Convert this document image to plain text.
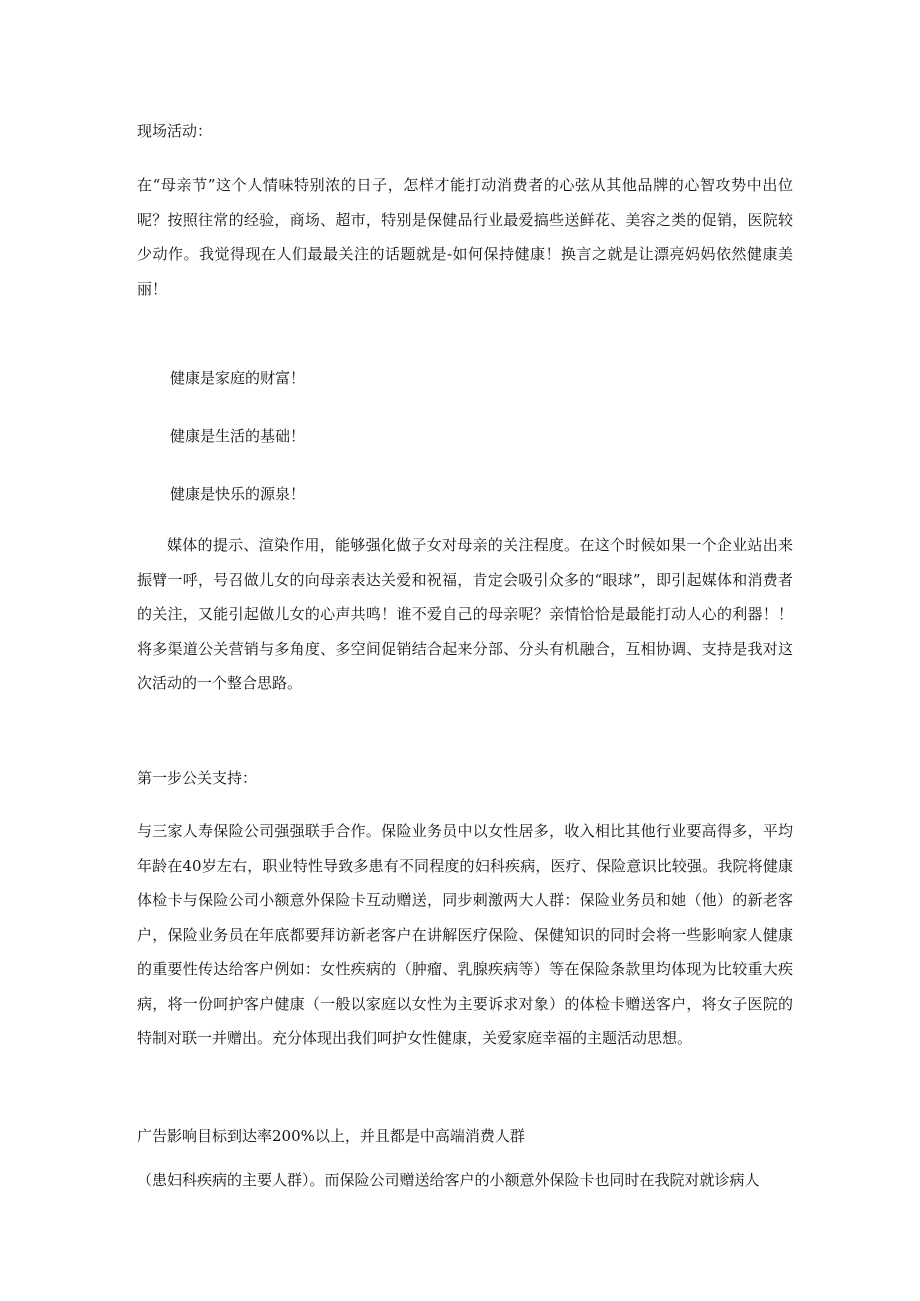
现场活动：
在“母亲节”这个人情味特别浓的日子，怎样才能打动消费者的心弦从其他品牌的心智攻势中出位呢？按照往常的经验，商场、超市，特别是保健品行业最爱搞些送鲜花、美容之类的促销，医院较少动作。我觉得现在人们最最关注的话题就是-如何保持健康！换言之就是让漂亮妈妈依然健康美丽！
健康是家庭的财富！
健康是生活的基础！
健康是快乐的源泉！
媒体的提示、渲染作用，能够强化做子女对母亲的关注程度。在这个时候如果一个企业站出来振臂一呼，号召做儿女的向母亲表达关爱和祝福，肯定会吸引众多的“眼球”，即引起媒体和消费者的关注，又能引起做儿女的心声共鸣！谁不爱自己的母亲呢？亲情恰恰是最能打动人心的利器！！将多渠道公关营销与多角度、多空间促销结合起来分部、分头有机融合，互相协调、支持是我对这次活动的一个整合思路。
第一步公关支持：
与三家人寿保险公司强强联手合作。保险业务员中以女性居多，收入相比其他行业要高得多，平均年龄在40岁左右，职业特性导致多患有不同程度的妇科疾病，医疗、保险意识比较强。我院将健康体检卡与保险公司小额意外保险卡互动赠送，同步刺激两大人群：保险业务员和她（他）的新老客户，保险业务员在年底都要拜访新老客户在讲解医疗保险、保健知识的同时会将一些影响家人健康的重要性传达给客户例如：女性疾病的（肿瘤、乳腺疾病等）等在保险条款里均体现为比较重大疾病，将一份呵护客户健康（一般以家庭以女性为主要诉求对象）的体检卡赠送客户，将女子医院的特制对联一并赠出。充分体现出我们呵护女性健康，关爱家庭幸福的主题活动思想。
广告影响目标到达率200%以上，并且都是中高端消费人群
（患妇科疾病的主要人群）。而保险公司赠送给客户的小额意外保险卡也同时在我院对就诊病人
